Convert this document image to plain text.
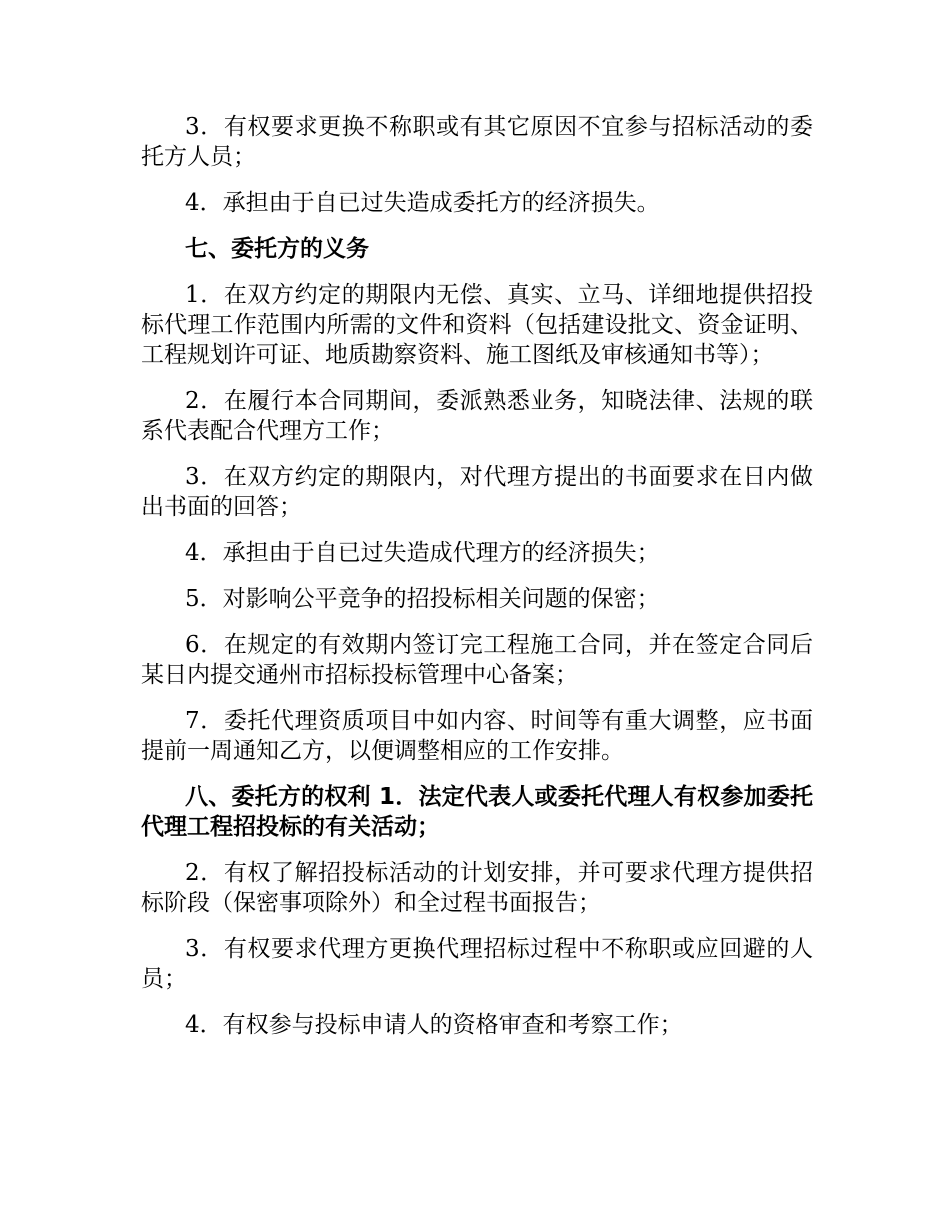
3．有权要求更换不称职或有其它原因不宜参与招标活动的委托方人员；

4．承担由于自已过失造成委托方的经济损失。

七、委托方的义务

1．在双方约定的期限内无偿、真实、立马、详细地提供招投标代理工作范围内所需的文件和资料（包括建设批文、资金证明、工程规划许可证、地质勘察资料、施工图纸及审核通知书等）；

2．在履行本合同期间，委派熟悉业务，知晓法律、法规的联系代表配合代理方工作；

3．在双方约定的期限内，对代理方提出的书面要求在日内做出书面的回答；

4．承担由于自已过失造成代理方的经济损失；

5．对影响公平竞争的招投标相关问题的保密；

6．在规定的有效期内签订完工程施工合同，并在签定合同后某日内提交通州市招标投标管理中心备案；

7．委托代理资质项目中如内容、时间等有重大调整，应书面提前一周通知乙方，以便调整相应的工作安排。

八、委托方的权利 1．法定代表人或委托代理人有权参加委托代理工程招投标的有关活动；

2．有权了解招投标活动的计划安排，并可要求代理方提供招标阶段（保密事项除外）和全过程书面报告；

3．有权要求代理方更换代理招标过程中不称职或应回避的人员；

4．有权参与投标申请人的资格审查和考察工作；
